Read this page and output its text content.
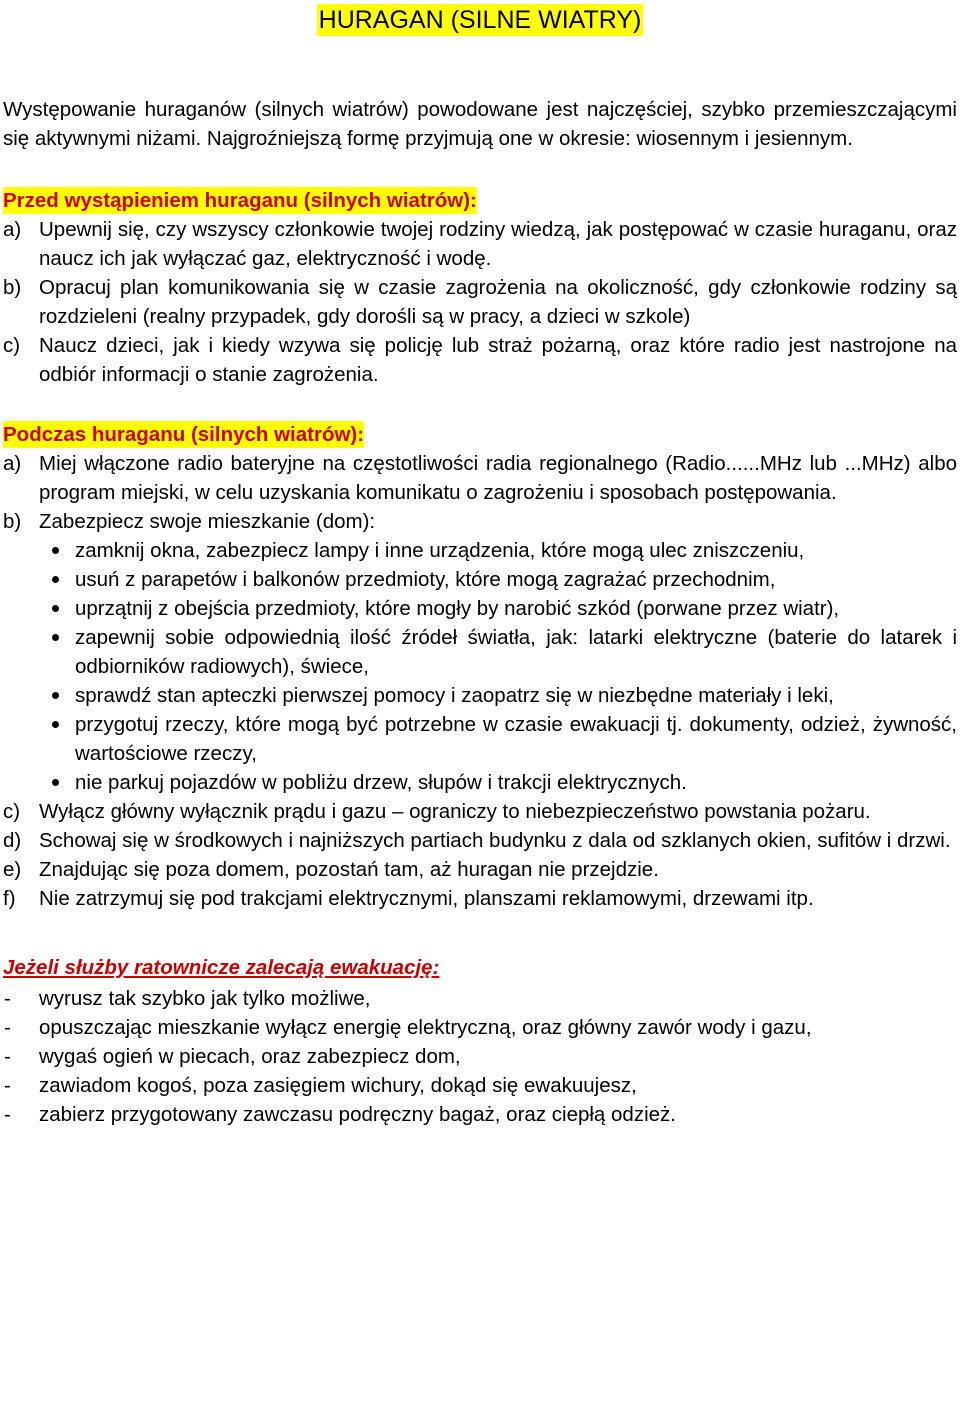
HURAGAN (SILNE WIATRY)

Występowanie huraganów (silnych wiatrów) powodowane jest najczęściej, szybko przemieszczającymi się aktywnymi niżami. Najgroźniejszą formę przyjmują one w okresie: wiosennym i jesiennym.

Przed wystąpieniem huraganu (silnych wiatrów):
a) Upewnij się, czy wszyscy członkowie twojej rodziny wiedzą, jak postępować w czasie huraganu, oraz naucz ich jak wyłączać gaz, elektryczność i wodę.
b) Opracuj plan komunikowania się w czasie zagrożenia na okoliczność, gdy członkowie rodziny są rozdzieleni (realny przypadek, gdy dorośli są w pracy, a dzieci w szkole)
c) Naucz dzieci, jak i kiedy wzywa się policję lub straż pożarną, oraz które radio jest nastrojone na odbiór informacji o stanie zagrożenia.
Podczas huraganu (silnych wiatrów):
a) Miej włączone radio bateryjne na częstotliwości radia regionalnego (Radio......MHz lub ...MHz) albo program miejski, w celu uzyskania komunikatu o zagrożeniu i sposobach postępowania.
b) Zabezpiecz swoje mieszkanie (dom):
zamknij okna, zabezpiecz lampy i inne urządzenia, które mogą ulec zniszczeniu,
usuń z parapetów i balkonów przedmioty, które mogą zagrażać przechodnim,
uprzątnij z obejścia przedmioty, które mogły by narobić szkód (porwane przez wiatr),
zapewnij sobie odpowiednią ilość źródeł światła, jak: latarki elektryczne (baterie do latarek i odbiorników radiowych), świece,
sprawdź stan apteczki pierwszej pomocy i zaopatrz się w niezbędne materiały i leki,
przygotuj rzeczy, które mogą być potrzebne w czasie ewakuacji tj. dokumenty, odzież, żywność, wartościowe rzeczy,
nie parkuj pojazdów w pobliżu drzew, słupów i trakcji elektrycznych.
c) Wyłącz główny wyłącznik prądu i gazu – ograniczy to niebezpieczeństwo powstania pożaru.
d) Schowaj się w środkowych i najniższych partiach budynku z dala od szklanych okien, sufitów i drzwi.
e) Znajdując się poza domem, pozostań tam, aż huragan nie przejdzie.
f) Nie zatrzymuj się pod trakcjami elektrycznymi, planszami reklamowymi, drzewami itp.
Jeżeli służby ratownicze zalecają ewakuację:
- wyrusz tak szybko jak tylko możliwe,
- opuszczając mieszkanie wyłącz energię elektryczną, oraz główny zawór wody i gazu,
- wygaś ogień w piecach, oraz zabezpiecz dom,
- zawiadom kogoś, poza zasięgiem wichury, dokąd się ewakuujesz,
- zabierz przygotowany zawczasu podręczny bagaż, oraz ciepłą odzież.
